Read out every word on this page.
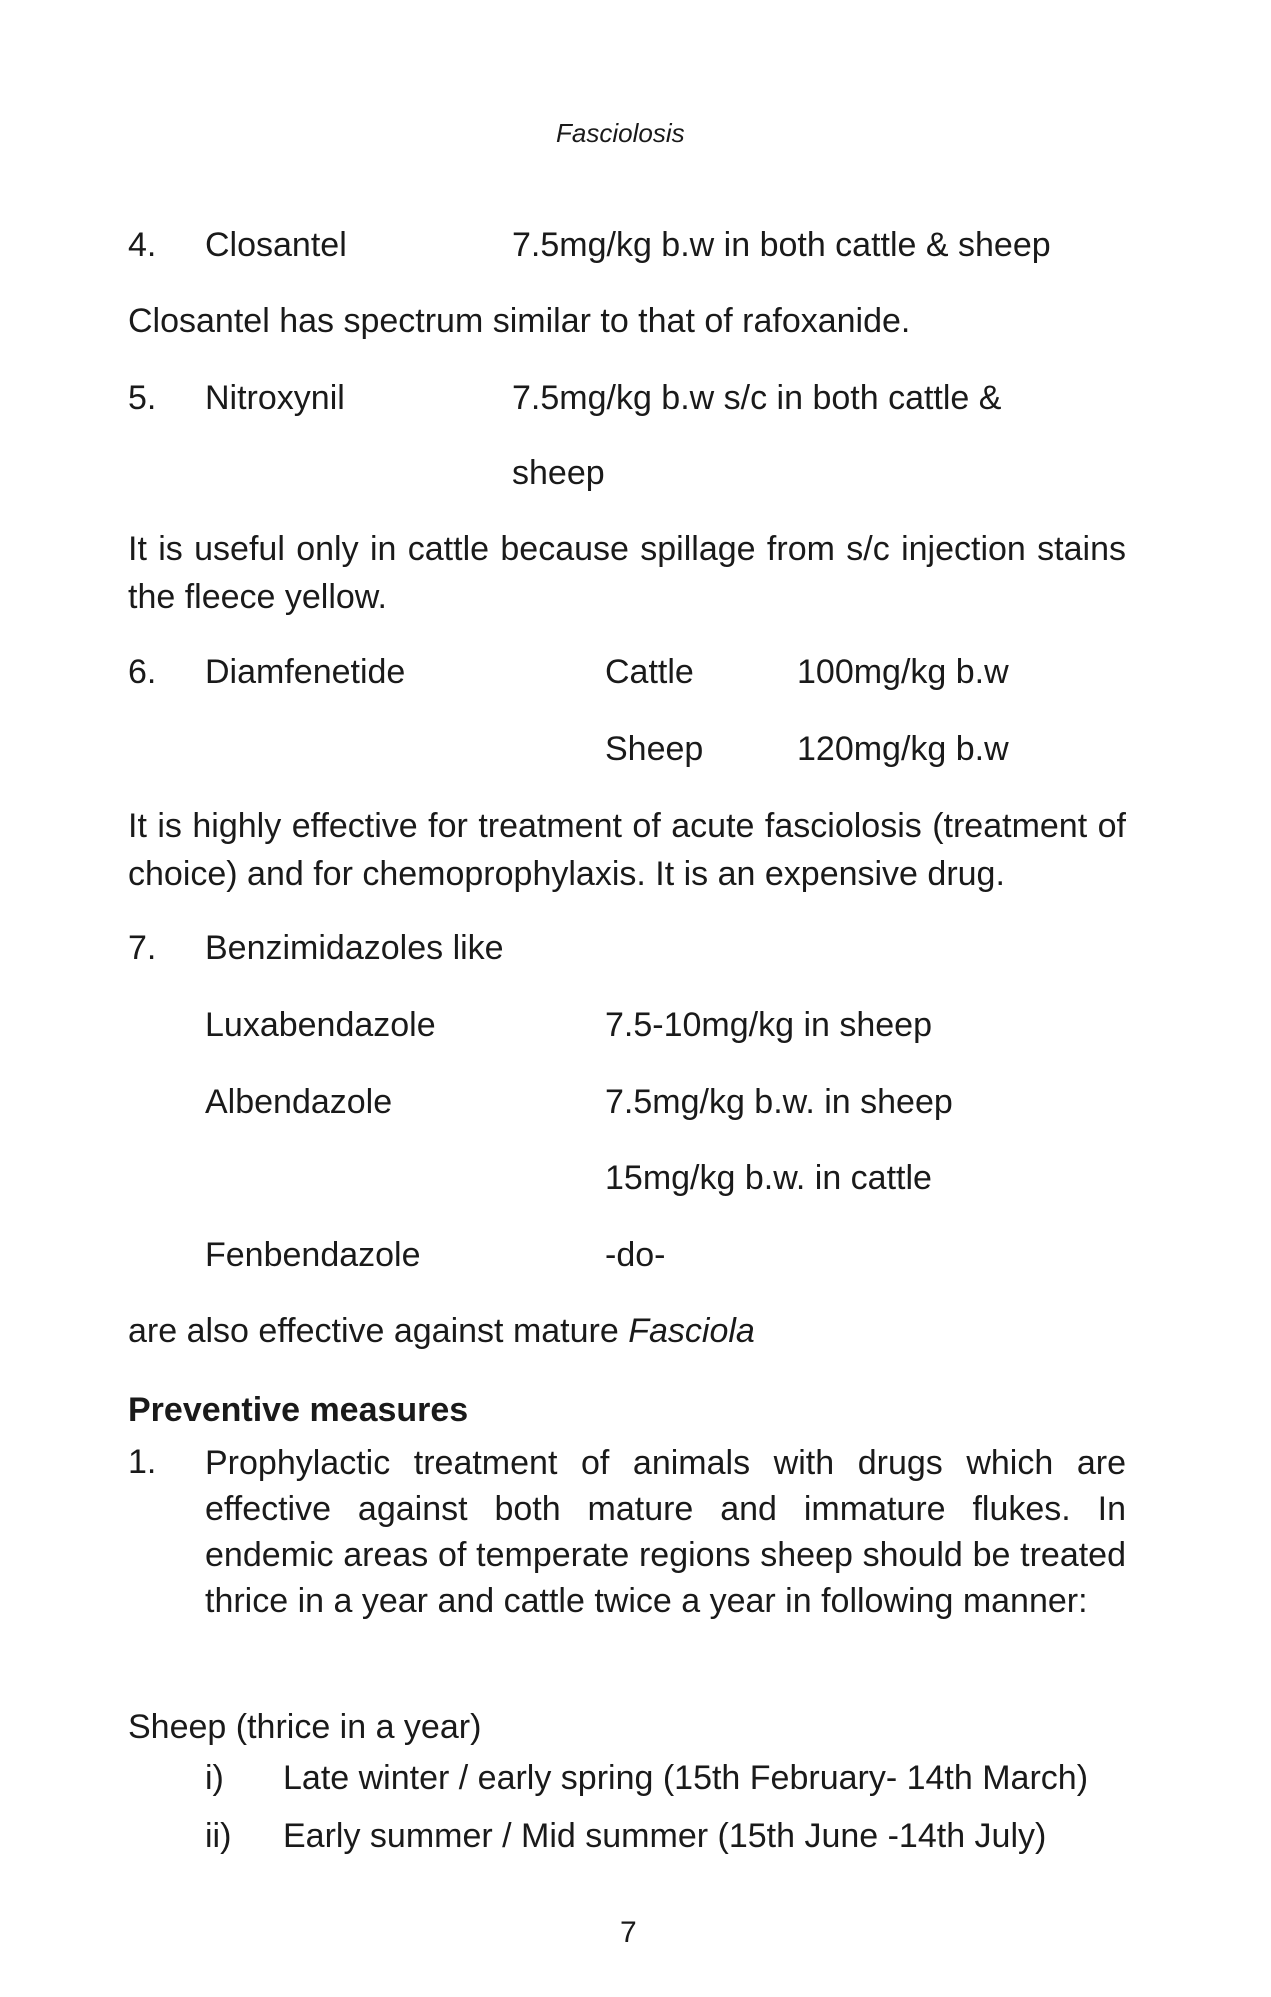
Fasciolosis
4. Closantel	7.5mg/kg b.w in both cattle & sheep
Closantel has spectrum similar to that of rafoxanide.
5. Nitroxynil	7.5mg/kg b.w s/c in both cattle &
sheep
It is useful only in cattle because spillage from s/c injection stains the fleece yellow.
6. Diamfenetide	Cattle	100mg/kg b.w
Sheep	120mg/kg b.w
It is highly effective for treatment of acute fasciolosis (treatment of choice) and for chemoprophylaxis. It is an expensive drug.
7. Benzimidazoles like
Luxabendazole	7.5-10mg/kg in sheep
Albendazole	7.5mg/kg b.w. in sheep
15mg/kg b.w. in cattle
Fenbendazole	-do-
are also effective against mature Fasciola
Preventive measures
1. Prophylactic treatment of animals with drugs which are effective against both mature and immature flukes. In endemic areas of temperate regions sheep should be treated thrice in a year and cattle twice a year in following manner:
Sheep (thrice in a year)
i) Late winter / early spring (15th February- 14th March)
ii) Early summer / Mid summer (15th June -14th July)
7
